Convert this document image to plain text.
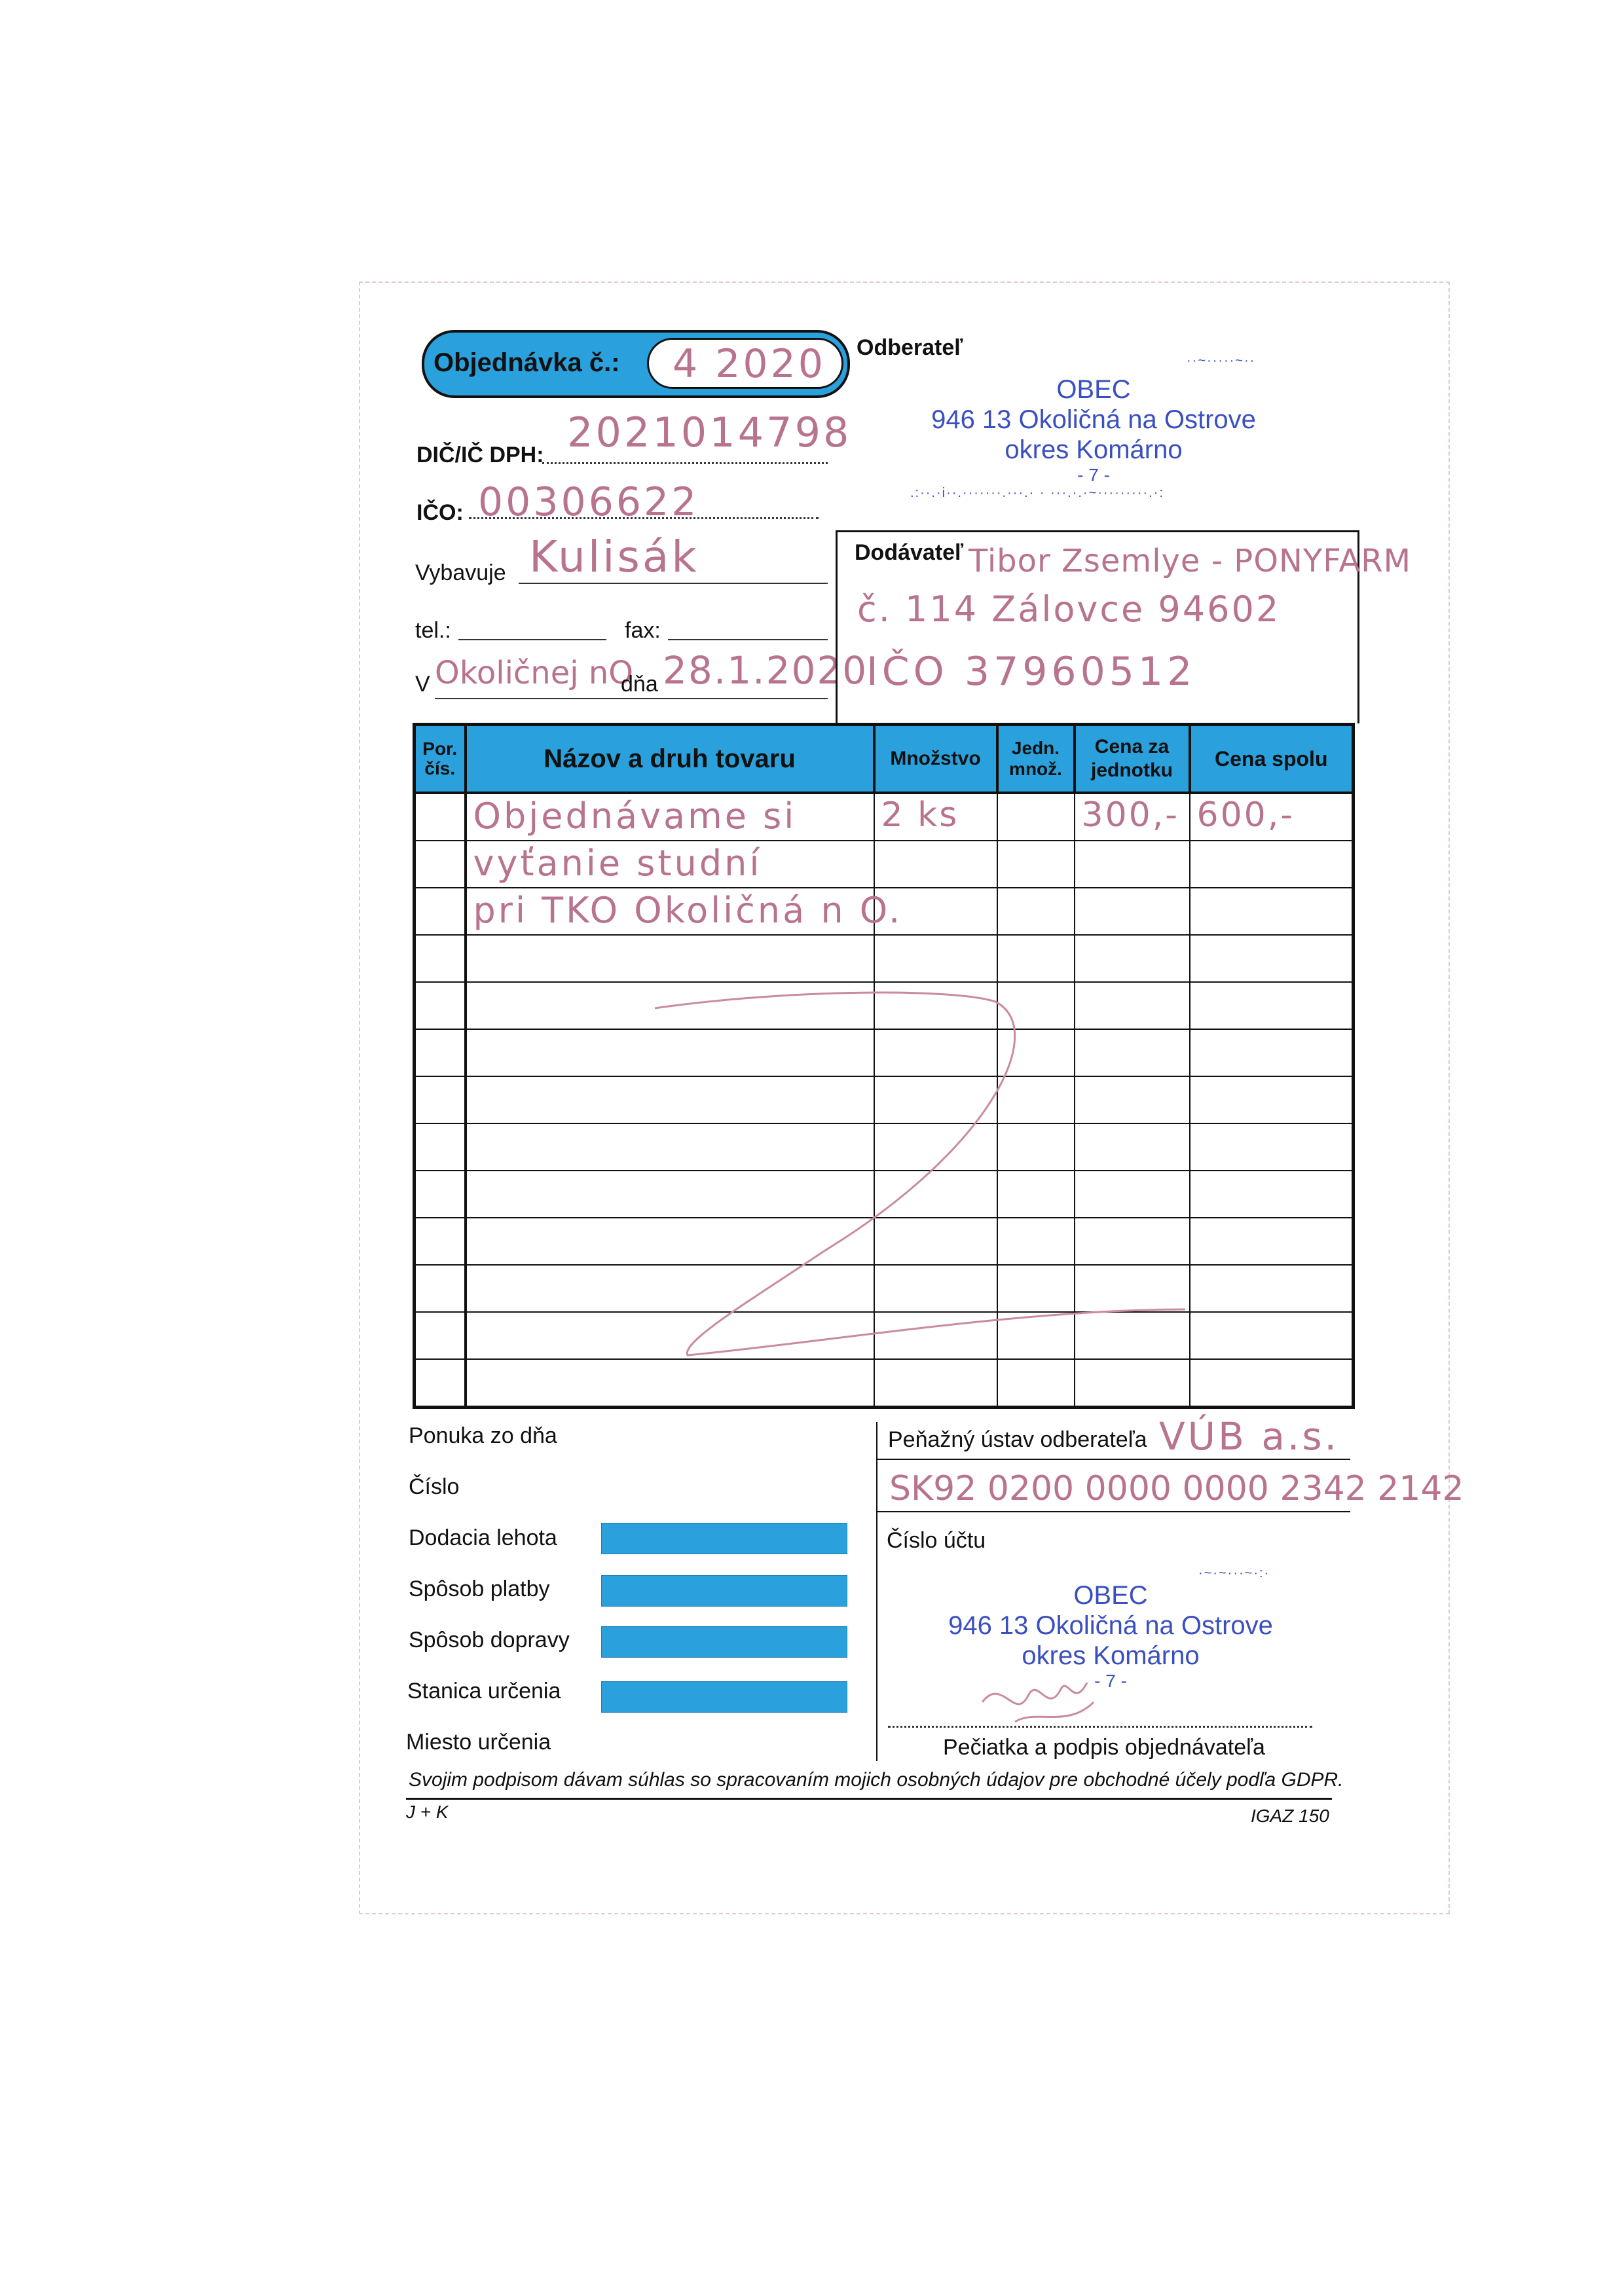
Objednávka č.: 4 2020 Odberateľ
··~·····~··
OBEC
946 13 Okoličná na Ostrove
okres Komárno
- 7 -
.:··.·i··.·······.···.· · ···.·.·~·········.·:
DIČ/IČ DPH: 2021014798
IČO: 00306622
Vybavuje Kulisák
tel.:	fax:
V Okoličnej nO
dňa 28.1.2020
Dodávateľ Tibor Zsemlye - PONYFARM
č. 114 Zálovce 94602
IČO 37960512
Por. čís.	Názov a druh tovaru	Množstvo	Jedn. množ.	Cena za jednotku	Cena spolu

	Objednávame si	2 ks		300,-	600,-

	vyťanie studní				

	pri TKO Okoličná n O.				

Ponuka zo dňa
Číslo
Dodacia lehota
Spôsob platby
Spôsob dopravy
Stanica určenia
Miesto určenia
Peňažný ústav odberateľa VÚB a.s.
SK92 0200 0000 0000 2342 2142
Číslo účtu
·~·~···~·:·
OBEC
946 13 Okoličná na Ostrove
okres Komárno
- 7 -
Pečiatka a podpis objednávateľa
Svojim podpisom dávam súhlas so spracovaním mojich osobných údajov pre obchodné účely podľa GDPR.
J + K	IGAZ 150
